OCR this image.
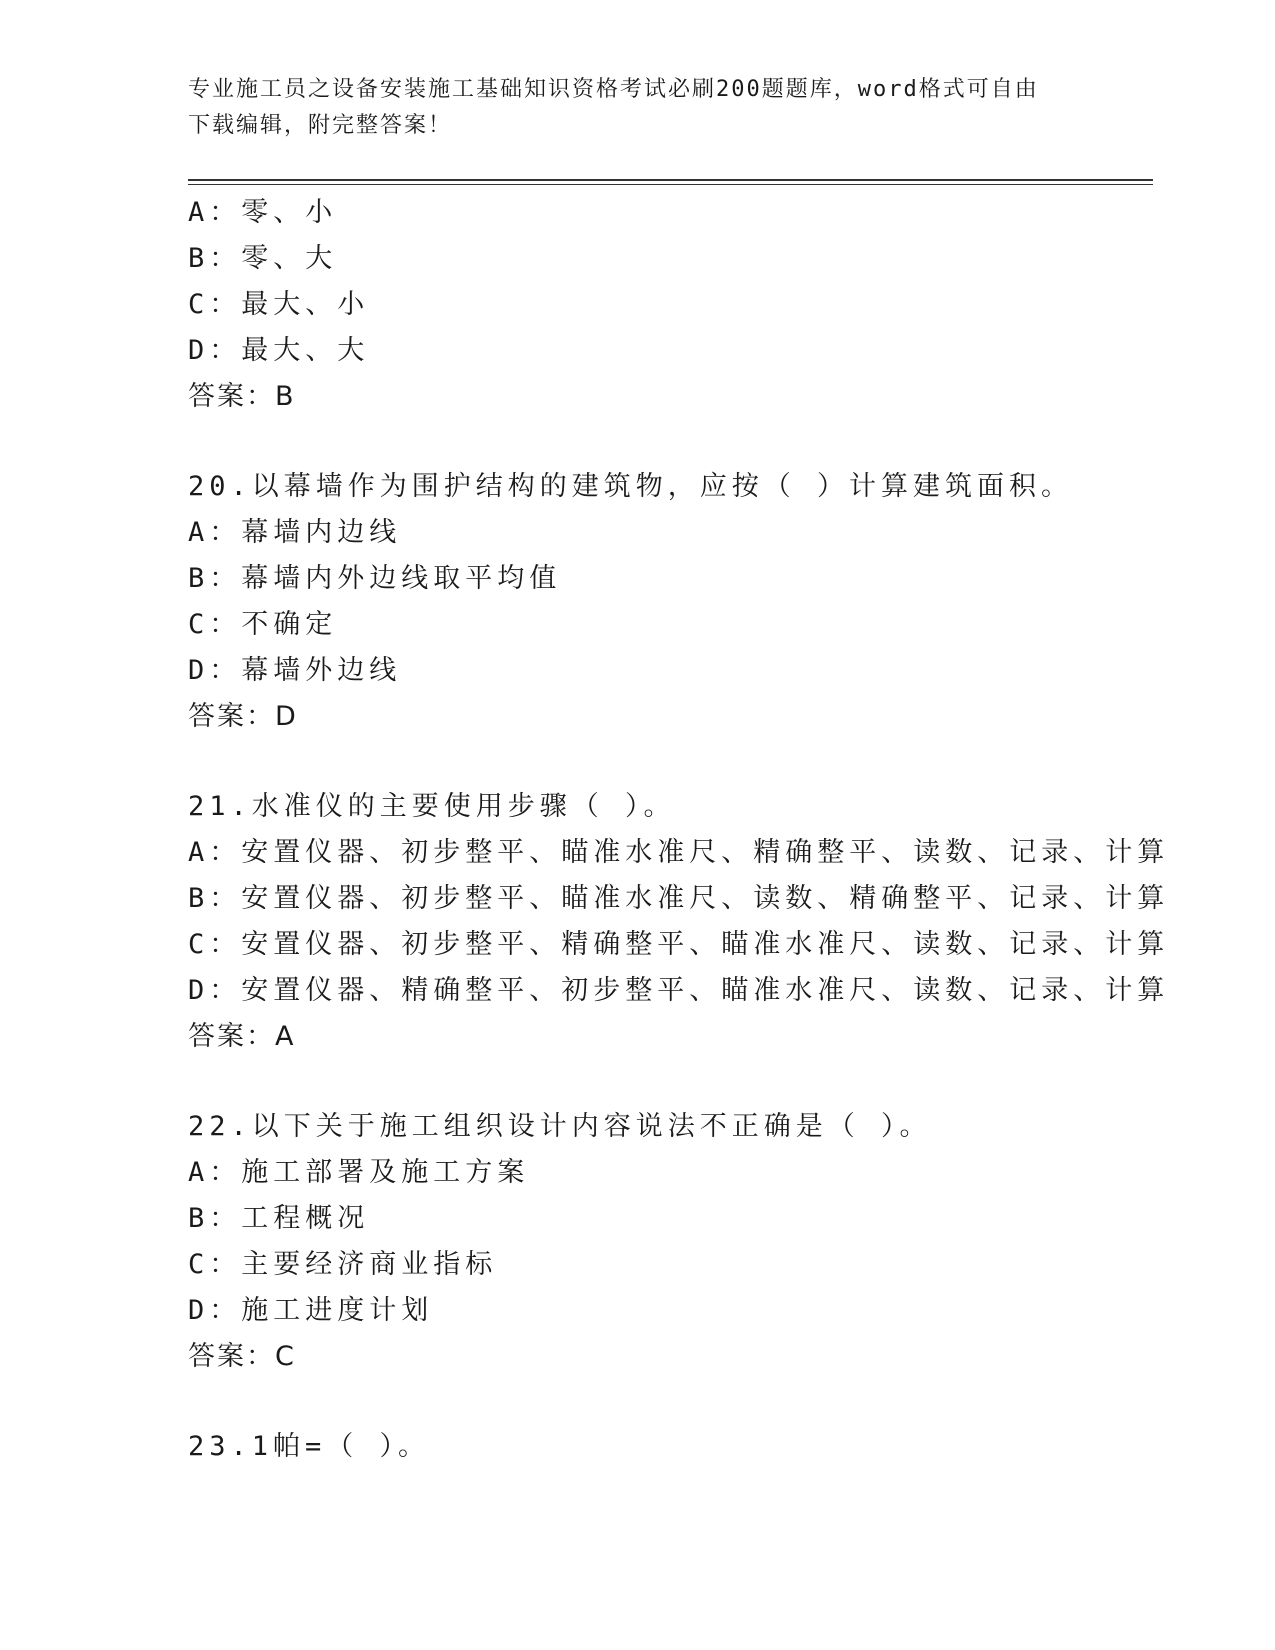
专业施工员之设备安装施工基础知识资格考试必刷200题题库，word格式可自由
下载编辑，附完整答案！
A：零、小
B：零、大
C：最大、小
D：最大、大
答案：B
20.以幕墙作为围护结构的建筑物，应按（ ）计算建筑面积。
A：幕墙内边线
B：幕墙内外边线取平均值
C：不确定
D：幕墙外边线
答案：D
21.水准仪的主要使用步骤（ ）。
A：安置仪器、初步整平、瞄准水准尺、精确整平、读数、记录、计算
B：安置仪器、初步整平、瞄准水准尺、读数、精确整平、记录、计算
C：安置仪器、初步整平、精确整平、瞄准水准尺、读数、记录、计算
D：安置仪器、精确整平、初步整平、瞄准水准尺、读数、记录、计算
答案：A
22.以下关于施工组织设计内容说法不正确是（ ）。
A：施工部署及施工方案
B：工程概况
C：主要经济商业指标
D：施工进度计划
答案：C
23.1帕=（ ）。
